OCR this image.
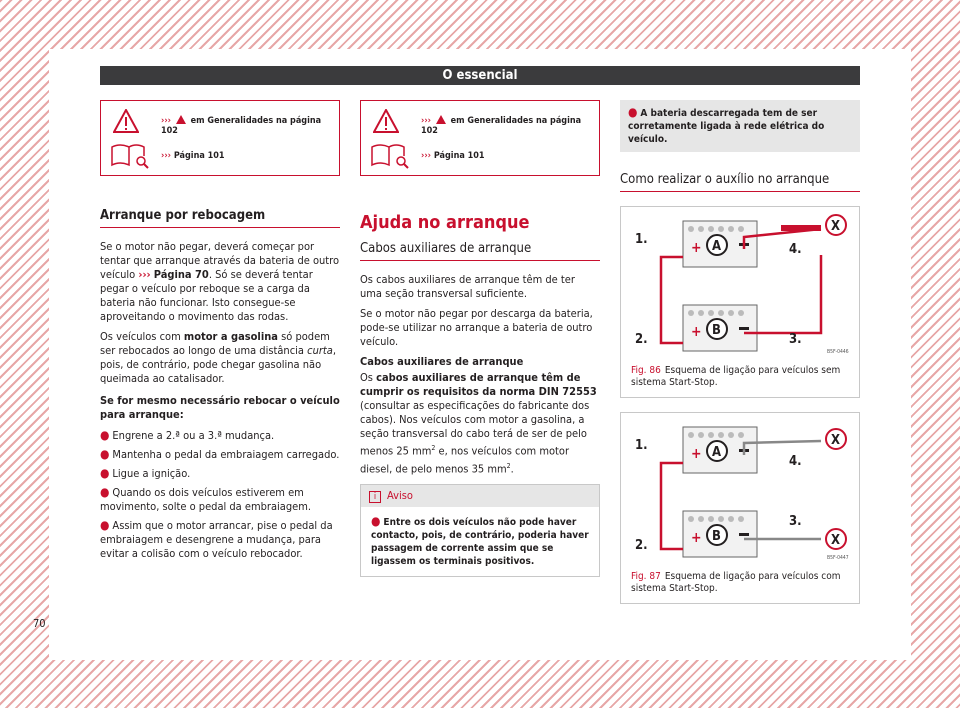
O essencial
70
››› em Generalidades na página 102
››› Página 101
Arranque por rebocagem

Se o motor não pegar, deverá começar por tentar que arranque através da bateria de outro veículo ››› Página 70. Só se deverá tentar pegar o veículo por reboque se a carga da bateria não funcionar. Isto consegue-se aproveitando o movimento das rodas.

Os veículos com motor a gasolina só podem ser rebocados ao longo de uma distância curta, pois, de contrário, pode chegar gasolina não queimada ao catalisador.

Se for mesmo necessário rebocar o veículo para arranque:

● Engrene a 2.ª ou a 3.ª mudança.
● Mantenha o pedal da embraiagem carregado.
● Ligue a ignição.
● Quando os dois veículos estiverem em movimento, solte o pedal da embraiagem.
● Assim que o motor arrancar, pise o pedal da embraiagem e desengrene a mudança, para evitar a colisão com o veículo rebocador.
››› em Generalidades na página 102
››› Página 101
Ajuda no arranque
Cabos auxiliares de arranque

Os cabos auxiliares de arranque têm de ter uma seção transversal suficiente.

Se o motor não pegar por descarga da bateria, pode-se utilizar no arranque a bateria de outro veículo.

Cabos auxiliares de arranque

Os cabos auxiliares de arranque têm de cumprir os requisitos da norma DIN 72553 (consultar as especificações do fabricante dos cabos). Nos veículos com motor a gasolina, a seção transversal do cabo terá de ser de pelo menos 25 $mm^2$ e, nos veículos com motor diesel, de pelo menos 35 $mm^2$.

i Aviso
● Entre os dois veículos não pode haver contacto, pois, de contrário, poderia haver passagem de corrente assim que se ligassem os terminais positivos.
● A bateria descarregada tem de ser corretamente ligada à rede elétrica do veículo.
Como realizar o auxílio no arranque
+ A
+ B
X
1.
2.	3.
4.
B5F-0446
Fig. 86 Esquema de ligação para veículos sem sistema Start-Stop.
+ A
+ B
X
X
1.
2.
3.
4.
B5F-0447
Fig. 87 Esquema de ligação para veículos com sistema Start-Stop.
